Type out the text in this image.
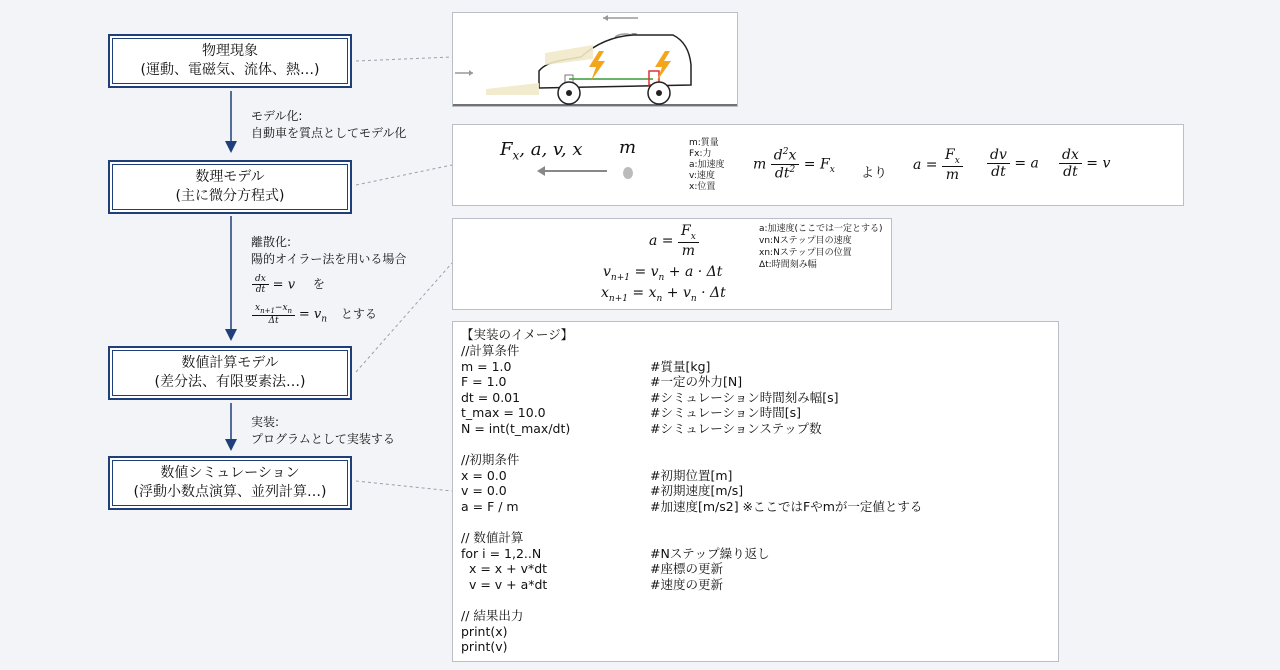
物理現象
(運動、電磁気、流体、熱…)
数理モデル
(主に微分方程式)
数値計算モデル
(差分法、有限要素法…)
数値シミュレーション
(浮動小数点演算、並列計算…)
モデル化:
自動車を質点としてモデル化
離散化:
陽的オイラー法を用いる場合
$\frac{dx}{dt} = v$ を
$\frac{x_{n+1}-x_n}{\Delta t} = v_n$ とする
実装:
プログラムとして実装する
$F_x$, a, v, x m	m:質量
Fx:力
a:加速度
v:速度
x:位置
m $\frac{d^2x}{dt^2} = F_x$ より
$a = \frac{F_x}{m} \frac{dv}{dt} = a \frac{dx}{dt} = v$
$a = \frac{F_x}{m}$
$v_{n+1} = v_n + a \cdot \Delta t$
$x_{n+1} = x_n + v_n \cdot \Delta t$
a:加速度(ここでは一定とする)
vn:Nステップ目の速度
xn:Nステップ目の位置
Δt:時間刻み幅
【実装のイメージ】
//計算条件
m = 1.0	#質量[kg]
F = 1.0	#一定の外力[N]
dt = 0.01	#シミュレーション時間刻み幅[s]
t_max = 10.0	#シミュレーション時間[s]
N = int(t_max/dt)	#シミュレーションステップ数
//初期条件
x = 0.0	#初期位置[m]
v = 0.0	#初期速度[m/s]
a = F / m	#加速度[m/s2] ※ここではFやmが一定値とする
// 数値計算
for i = 1,2..N	#Nステップ繰り返し
x = x + v*dt	#座標の更新
v = v + a*dt	#速度の更新
// 結果出力
print(x)
print(v)
